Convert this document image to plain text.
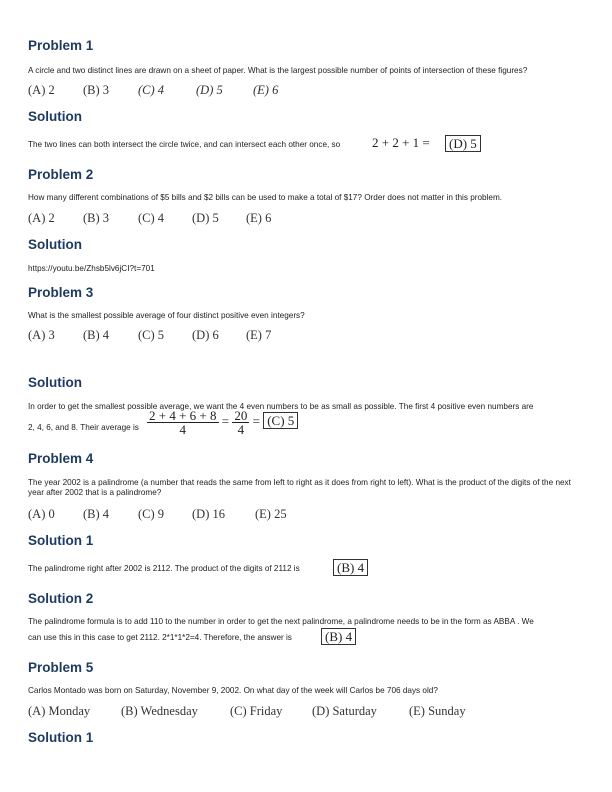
Problem 1
A circle and two distinct lines are drawn on a sheet of paper. What is the largest possible number of points of intersection of these figures?
(A) 2 (B) 3 (C) 4	(D) 5 (E) 6
Solution
The two lines can both intersect the circle twice, and can intersect each other once, so 2 + 2 + 1 =	(D) 5
Problem 2
How many different combinations of $5 bills and $2 bills can be used to make a total of $17? Order does not matter in this problem.
(A) 2 (B) 3 (C) 4 (D) 5 (E) 6
Solution
https://youtu.be/Zhsb5lv6jCI?t=701
Problem 3
What is the smallest possible average of four distinct positive even integers?
(A) 3 (B) 4 (C) 5 (D) 6 (E) 7
Solution
In order to get the smallest possible average, we want the 4 even numbers to be as small as possible. The first 4 positive even numbers are
2, 4, 6, and 8. Their average is $\frac{2 + 4 + 6 + 8}{4} = \frac{20}{4} = (C)$ 5
Problem 4
The year 2002 is a palindrome (a number that reads the same from left to right as it does from right to left). What is the product of the digits of the next year after 2002 that is a palindrome?
(A) 0 (B) 4 (C) 9 (D) 16 (E) 25
Solution 1
The palindrome right after 2002 is 2112. The product of the digits of 2112 is	(B) 4
Solution 2
The palindrome formula is to add 110 to the number in order to get the next palindrome, a palindrome needs to be in the form as ABBA . We
can use this in this case to get 2112. 2*1*1*2=4. Therefore, the answer is	(B) 4
Problem 5
Carlos Montado was born on Saturday, November 9, 2002. On what day of the week will Carlos be 706 days old?
(A) Monday (B) Wednesday	(C) Friday (D) Saturday	(E) Sunday
Solution 1
